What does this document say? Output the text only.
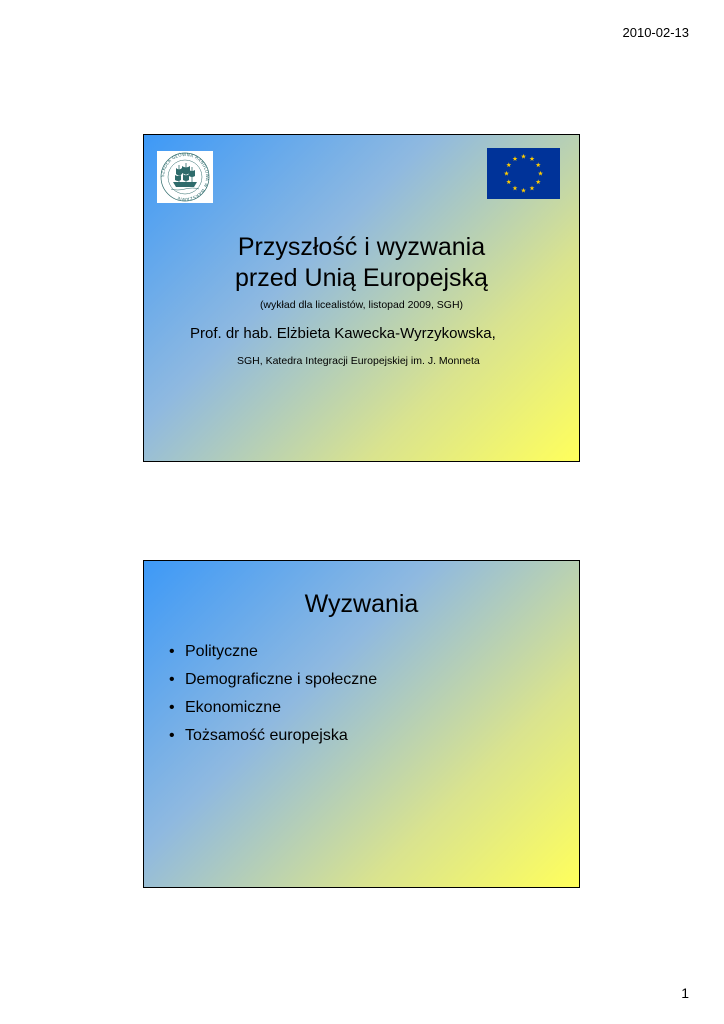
2010-02-13
SZKOŁA GŁÓWNA HANDLOWA W WARSZAWIE
Przyszłość i wyzwania
przed Unią Europejską
(wykład dla licealistów, listopad 2009, SGH)
Prof. dr hab. Elżbieta Kawecka-Wyrzykowska,
SGH, Katedra Integracji Europejskiej im. J. Monneta
Wyzwania
• Polityczne
• Demograficzne i społeczne
• Ekonomiczne
• Tożsamość europejska
1
